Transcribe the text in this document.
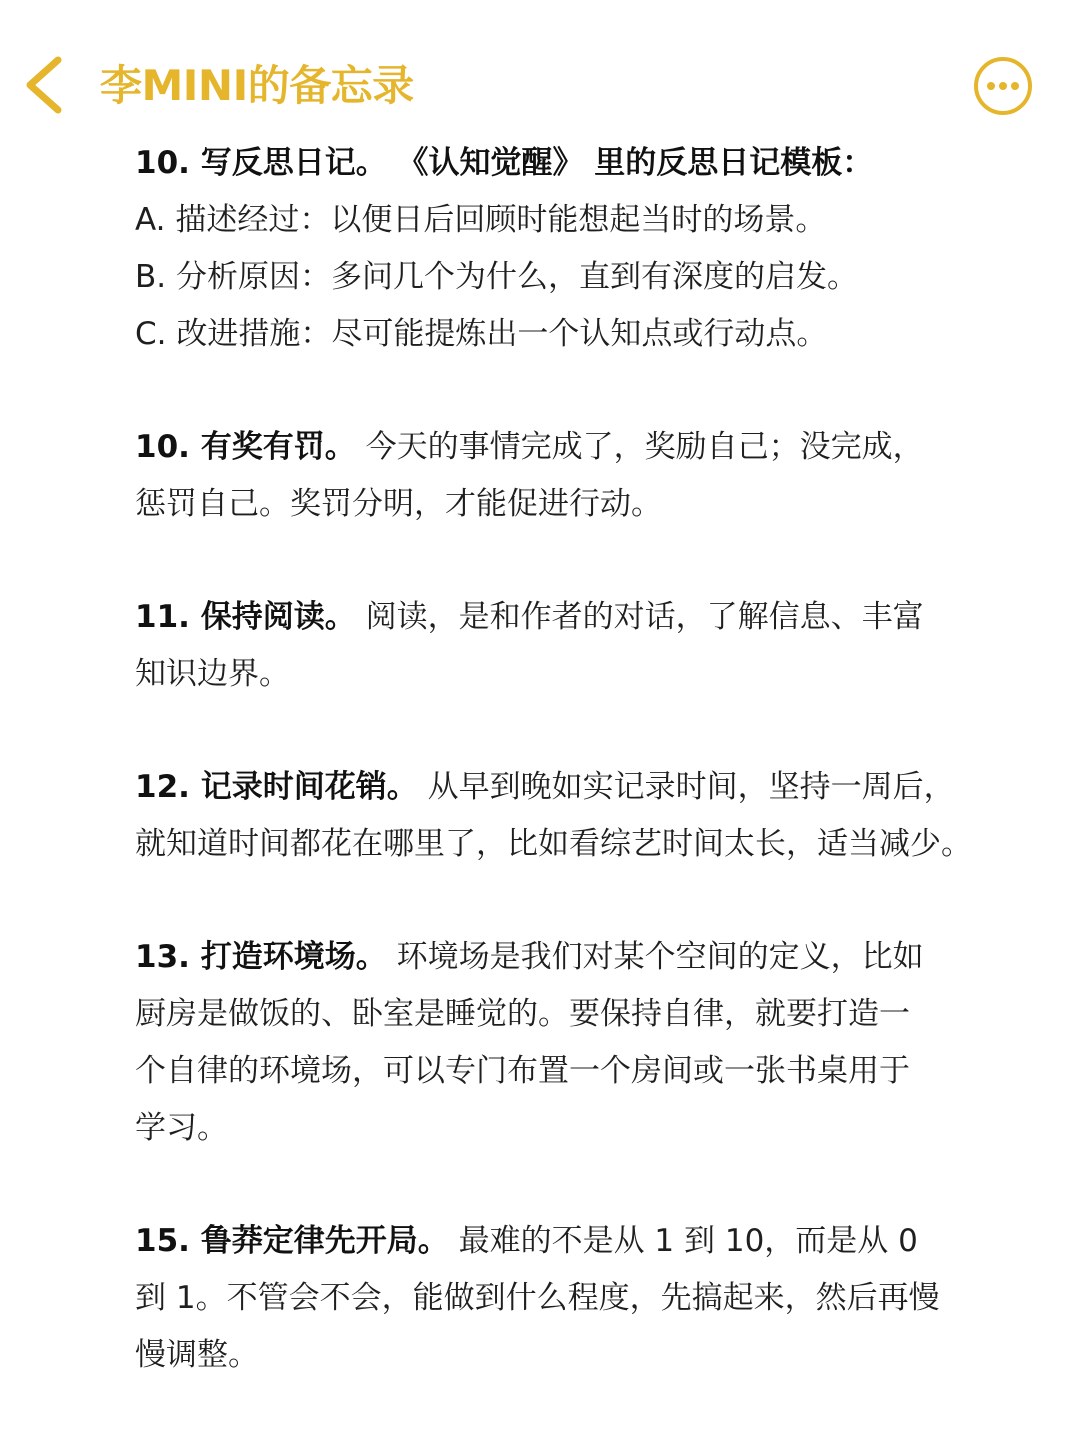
李MINI的备忘录
10. 写反思日记。 《认知觉醒》 里的反思日记模板：
A. 描述经过：以便日后回顾时能想起当时的场景。
B. 分析原因：多问几个为什么，直到有深度的启发。
C. 改进措施：尽可能提炼出一个认知点或行动点。
10. 有奖有罚。 今天的事情完成了，奖励自己；没完成，
惩罚自己。奖罚分明，才能促进行动。
11. 保持阅读。 阅读，是和作者的对话，了解信息、丰富
知识边界。
12. 记录时间花销。 从早到晚如实记录时间，坚持一周后，
就知道时间都花在哪里了，比如看综艺时间太长，适当减少。
13. 打造环境场。 环境场是我们对某个空间的定义，比如
厨房是做饭的、卧室是睡觉的。要保持自律，就要打造一
个自律的环境场，可以专门布置一个房间或一张书桌用于
学习。
15. 鲁莽定律先开局。 最难的不是从 1 到 10，而是从 0
到 1。不管会不会，能做到什么程度，先搞起来，然后再慢
慢调整。
